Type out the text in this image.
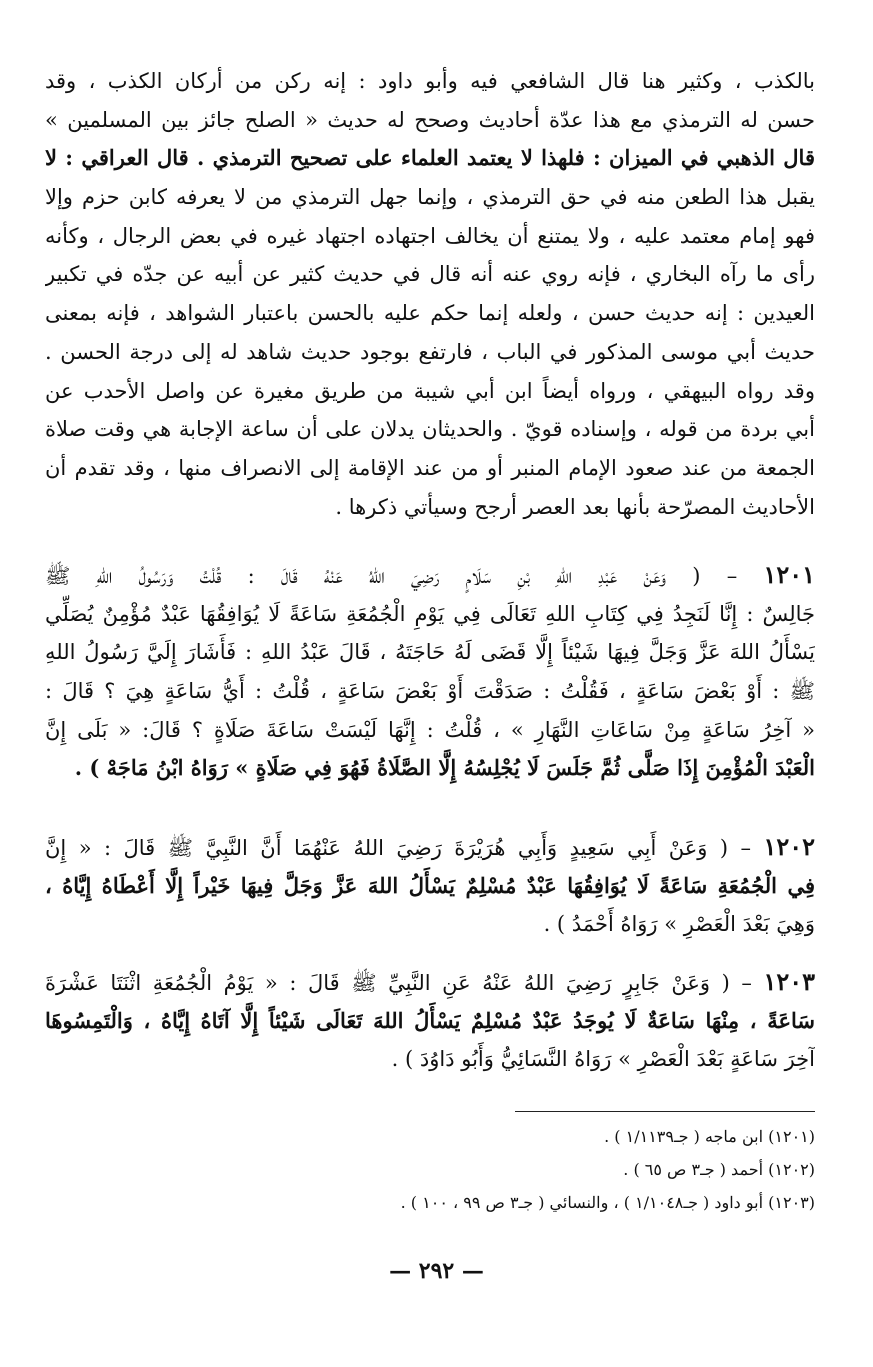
بالكذب ، وكثير هنا قال الشافعي فيه وأبو داود : إنه ركن من أركان الكذب ، وقد
حسن له الترمذي مع هذا عدّة أحاديث وصحح له حديث « الصلح جائز بين المسلمين »
قال الذهبي في الميزان : فلهذا لا يعتمد العلماء على تصحيح الترمذي . قال العراقي : لا
يقبل هذا الطعن منه في حق الترمذي ، وإنما جهل الترمذي من لا يعرفه كابن حزم وإلا
فهو إمام معتمد عليه ، ولا يمتنع أن يخالف اجتهاده اجتهاد غيره في بعض الرجال ، وكأنه
رأى ما رآه البخاري ، فإنه روي عنه أنه قال في حديث كثير عن أبيه عن جدّه في تكبير
العيدين : إنه حديث حسن ، ولعله إنما حكم عليه بالحسن باعتبار الشواهد ، فإنه بمعنى
حديث أبي موسى المذكور في الباب ، فارتفع بوجود حديث شاهد له إلى درجة الحسن .
وقد رواه البيهقي ، ورواه أيضاً ابن أبي شيبة من طريق مغيرة عن واصل الأحدب عن
أبي بردة من قوله ، وإسناده قويّ . والحديثان يدلان على أن ساعة الإجابة هي وقت صلاة
الجمعة من عند صعود الإمام المنبر أو من عند الإقامة إلى الانصراف منها ، وقد تقدم أن
الأحاديث المصرّحة بأنها بعد العصر أرجح وسيأتي ذكرها .
١٢٠١ – ( وَعَنْ عَبْدِ اللهِ بْنِ سَلَامٍ رَضِيَ اللهُ عَنْهُ قَالَ : قُلْتُ وَرَسُولُ اللهِ ﷺ
جَالِسٌ : إِنَّا لَنَجِدُ فِي كِتَابِ اللهِ تَعَالَى فِي يَوْمِ الْجُمُعَةِ سَاعَةً لَا يُوَافِقُهَا عَبْدٌ مُؤْمِنٌ يُصَلِّي
يَسْأَلُ اللهَ عَزَّ وَجَلَّ فِيهَا شَيْئاً إِلَّا قَضَى لَهُ حَاجَتَهُ ، قَالَ عَبْدُ اللهِ : فَأَشَارَ إِلَيَّ رَسُولُ اللهِ
ﷺ : أَوْ بَعْضَ سَاعَةٍ ، فَقُلْتُ : صَدَقْتَ أَوْ بَعْضَ سَاعَةٍ ، قُلْتُ : أَيُّ سَاعَةٍ هِيَ ؟ قَالَ :
« آخِرُ سَاعَةٍ مِنْ سَاعَاتِ النَّهَارِ » ، قُلْتُ : إِنَّهَا لَيْسَتْ سَاعَةَ صَلَاةٍ ؟ قَالَ: « بَلَى إِنَّ
الْعَبْدَ الْمُؤْمِنَ إِذَا صَلَّى ثُمَّ جَلَسَ لَا يُجْلِسُهُ إِلَّا الصَّلَاةُ فَهُوَ فِي صَلَاةٍ » رَوَاهُ ابْنُ مَاجَهْ ) .
١٢٠٢ – ( وَعَنْ أَبِي سَعِيدٍ وَأَبِي هُرَيْرَةَ رَضِيَ اللهُ عَنْهُمَا أَنَّ النَّبِيَّ ﷺ قَالَ : « إِنَّ
فِي الْجُمُعَةِ سَاعَةً لَا يُوَافِقُهَا عَبْدٌ مُسْلِمٌ يَسْأَلُ اللهَ عَزَّ وَجَلَّ فِيهَا خَيْراً إِلَّا أَعْطَاهُ إِيَّاهُ ،
وَهِيَ بَعْدَ الْعَصْرِ » رَوَاهُ أَحْمَدُ ) .
١٢٠٣ – ( وَعَنْ جَابِرٍ رَضِيَ اللهُ عَنْهُ عَنِ النَّبِيِّ ﷺ قَالَ : « يَوْمُ الْجُمُعَةِ اثْنَتَا عَشْرَةَ
سَاعَةً ، مِنْهَا سَاعَةٌ لَا يُوجَدُ عَبْدٌ مُسْلِمٌ يَسْأَلُ اللهَ تَعَالَى شَيْئاً إِلَّا آتَاهُ إِيَّاهُ ، وَالْتَمِسُوهَا
آخِرَ سَاعَةٍ بَعْدَ الْعَصْرِ » رَوَاهُ النَّسَائِيُّ وَأَبُو دَاوُدَ ) .
(١٢٠١) ابن ماجه ( جـ١/١١٣٩ ) .
(١٢٠٢) أحمد ( جـ٣ ص ٦٥ ) .
(١٢٠٣) أبو داود ( جـ١/١٠٤٨ ) ، والنسائي ( جـ٣ ص ٩٩ ، ١٠٠ ) .
— ٢٩٢ —
